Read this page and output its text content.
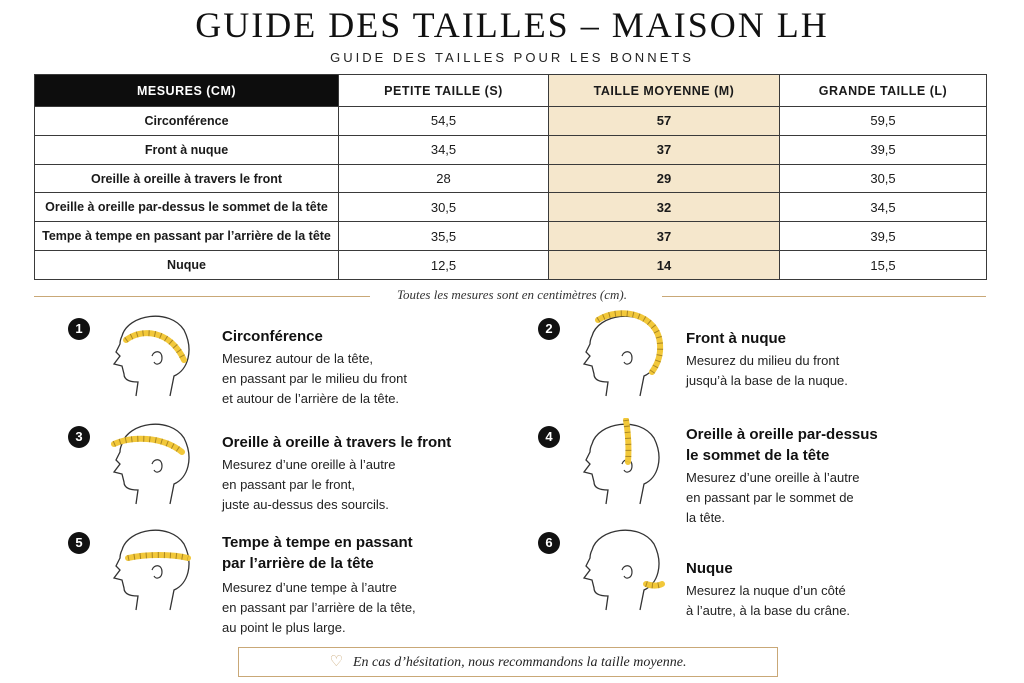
GUIDE DES TAILLES – MAISON LH
GUIDE DES TAILLES POUR LES BONNETS
MESURES (CM)	PETITE TAILLE (S)	TAILLE MOYENNE (M)	GRANDE TAILLE (L)
Circonférence	54,5	57	59,5
Front à nuque	34,5	37	39,5
Oreille à oreille à travers le front	28	29	30,5
Oreille à oreille par-dessus le sommet de la tête	30,5	32	34,5
Tempe à tempe en passant par l’arrière de la tête	35,5	37	39,5
Nuque	12,5	14	15,5
Toutes les mesures sont en centimètres (cm).
1	Circonférence
Mesurez autour de la tête,
en passant par le milieu du front
et autour de l’arrière de la tête.
2
Front à nuque
Mesurez du milieu du front
jusqu’à la base de la nuque.
3	Oreille à oreille à travers le front
Mesurez d’une oreille à l’autre
en passant par le front,
juste au-dessus des sourcils.
4	Oreille à oreille par-dessus
le sommet de la tête
Mesurez d’une oreille à l’autre
en passant par le sommet de
la tête.
5	Tempe à tempe en passant
par l’arrière de la tête
Mesurez d’une tempe à l’autre
en passant par l’arrière de la tête,
au point le plus large.
6
Nuque
Mesurez la nuque d’un côté
à l’autre, à la base du crâne.
♡ En cas d’hésitation, nous recommandons la taille moyenne.
